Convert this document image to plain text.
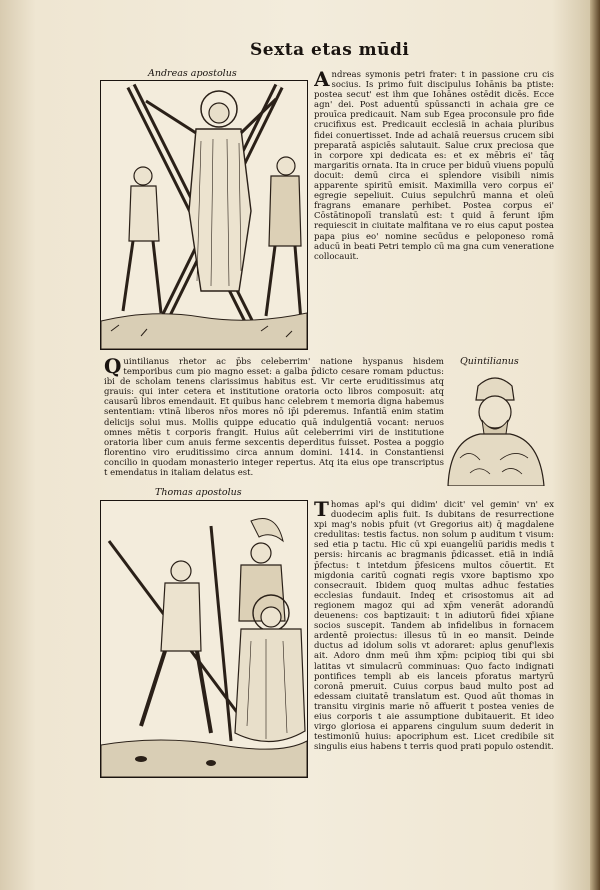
Sexta etas mūdi
Andreas apostolus	Andreas symonis petri frater: t in passione cru cis socius. Is primo fuit discipulus Iohānis ba ptiste: postea secut' est ihm que Iohānes ostēdit dicēs. Ecce agn' dei. Post aduentū spūssancti in achaia gre ce prouīca predicauit. Nam sub Egea proconsule pro fide crucifixus est. Predicauit ecclesiā in achaia pluribus fidei conuertisset. Inde ad achaiā reuersus crucem sibi preparatā aspiciēs salutauit. Salue crux preciosa que in corpore xpi dedicata es: et ex mēbris ei' tāq margaritis ornata. Ita in cruce per biduū viuens populū docuit: demū circa ei splendore visibili nimis apparente spiritū emisit. Maximilla vero corpus ei' egregie sepeliuit. Cuius sepulchrū manna et oleū fragrans emanare perhibet. Postea corpus ei' Cōstātinopolī translatū est: t quid ā ferunt ip̄m requiescit in ciuitate malfitana ve ro eius caput postea papa pius eo' nomine secūdus e peloponeso romā aducū in beati Petri templo cū ma gna cum veneratione collocauit.

Quintilianus rhetor ac p̄bs celeberrim' natione hyspanus hisdem temporibus cum pio magno esset: a galba p̄dicto cesare romam pductus: ibi de scholam tenens clarissimus habitus est. Vir certe eruditissimus atq grauis: qui inter cetera et institutione oratoria octo libros composuit: atq causarū libros emendauit. Et quibus hanc celebrem t memoria digna habemus sententiam: vtinā liberos nr̄os mores nō ip̄i pderemus. Infantiā enim statim delicijs solui mus. Mollis quippe educatio quā indulgentiā vocant: neruos omnes mētis t corporis frangit. Huius aūt celeberrimi viri de institutione oratoria liber cum anuis ferme sexcentis deperditus fuisset. Postea a poggio florentino viro eruditissimo circa annum domini. 1414. in Constantiensi concilio in quodam monasterio integer repertus. Atq ita eius ope transcriptus t emendatus in italiam delatus est.

Quintilianus
Thomas apostolus

Thomas apl's qui didim' dicit' vel gemin' vn' ex duodecim aplis fuit. Is dubitans de resurrectione xpi mag's nobis pfuit (vt Gregorius ait) q̄ magdalene credulitas: testis factus. non solum p auditum t visum: sed etia p tactu. Hic cū xpi euangeliū paridis medis t persis: hircanis ac bragmanis p̄dicasset. etiā in indiā p̄fectus: t intetdum p̄fesicens multos cōuertit. Et migdonia caritū cognati regis vxore baptismo xpo consecrauit. Ibidem quoq multas adhuc festaties ecclesias fundauit. Indeq et crisostomus ait ad regionem magoz qui ad xp̄m venerāt adorandū deuenens: cos baptizauit: t in adiutorū fidei xp̄iane socios suscepit. Tandem ab infidelibus in fornacem ardentē proiectus: illesus tū in eo mansit. Deinde ductus ad idolum solis vt adoraret: aplus genuf'lexis ait. Adoro dnm meū ihm xp̄m: pcipioq tibi qui sbi latitas vt simulacrū comminuas: Quo facto indignati pontifices templi ab eis lanceis pforatus martyrū coronā pmeruit. Cuius corpus baud multo post ad edessam ciuitatē translatum est. Quod aūt thomas in transitu virginis marie nō affuerit t postea venies de eius corporis t aie assumptione dubitauerit. Et ideo virgo gloriosa ei apparens cingulum suum dederit in testimoniū huius: apocriphum est. Licet credibile sit singulis eius habens t terris quod prati populo ostendit.
